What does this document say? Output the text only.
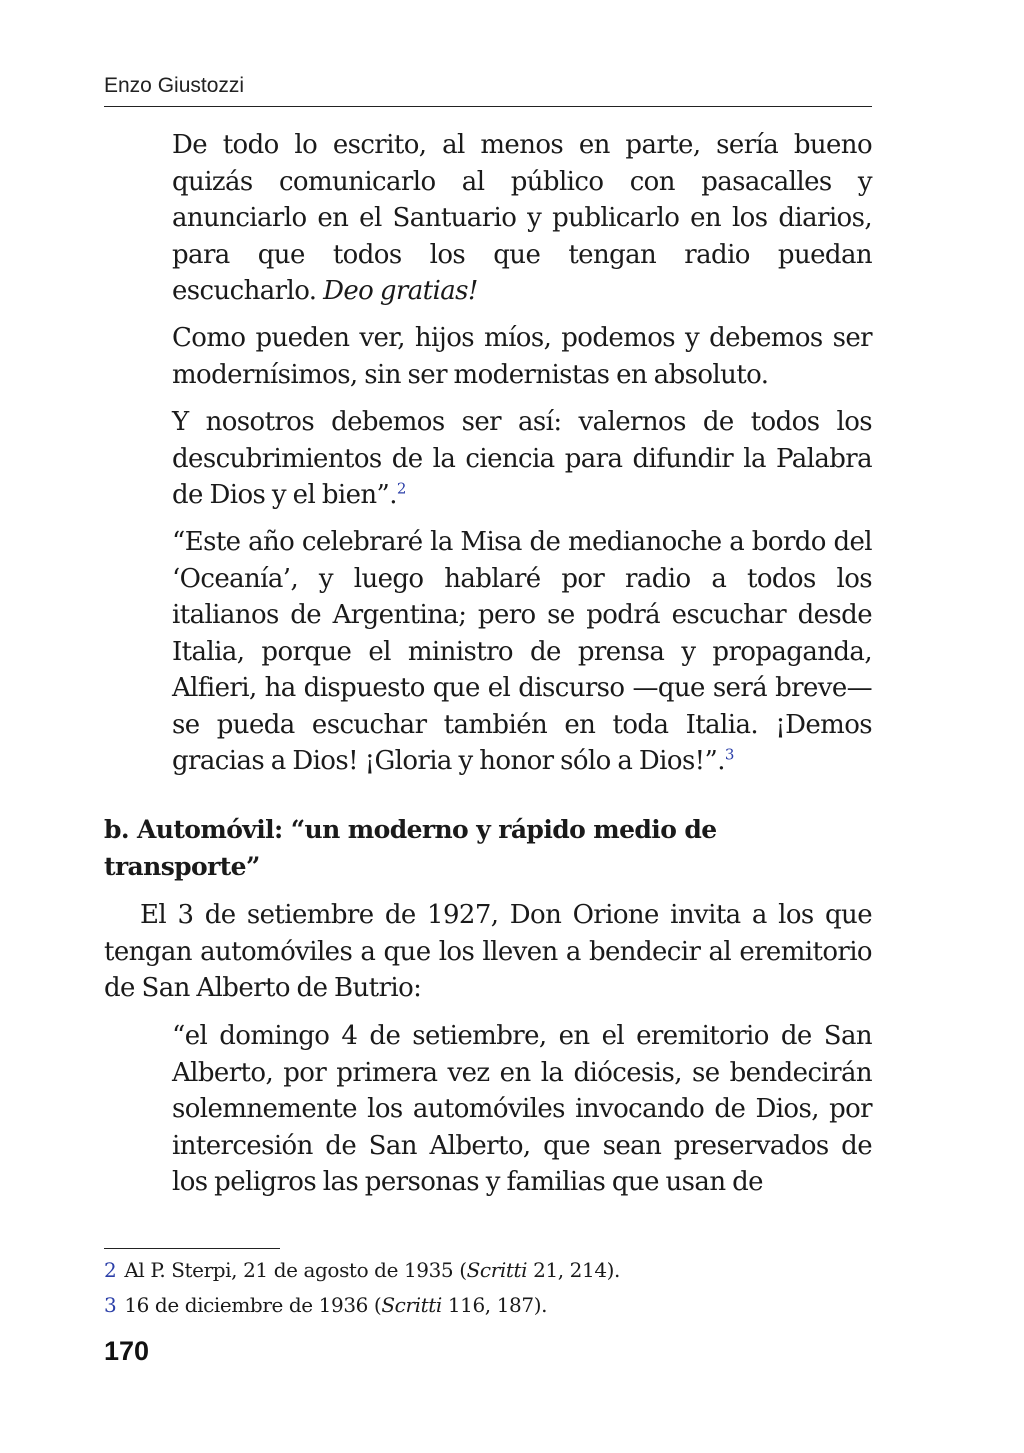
Enzo Giustozzi

De todo lo escrito, al menos en parte, sería bueno quizás comunicarlo al público con pasacalles y anunciarlo en el Santuario y publicarlo en los diarios, para que todos los que tengan radio puedan escucharlo. Deo gratias!

Como pueden ver, hijos míos, podemos y debemos ser modernísimos, sin ser modernistas en absoluto.

Y nosotros debemos ser así: valernos de todos los descubrimientos de la ciencia para difundir la Palabra de Dios y el bien”.$^2$

“Este año celebraré la Misa de medianoche a bordo del ‘Oceanía’, y luego hablaré por radio a todos los italianos de Argentina; pero se podrá escuchar desde Italia, porque el ministro de prensa y propaganda, Alfieri, ha dispuesto que el discurso —que será breve— se pueda escuchar también en toda Italia. ¡Demos gracias a Dios! ¡Gloria y honor sólo a Dios!”.$^3$

b. Automóvil: “un moderno y rápido medio de transporte”

El 3 de setiembre de 1927, Don Orione invita a los que tengan automóviles a que los lleven a bendecir al eremitorio de San Alberto de Butrio:

“el domingo 4 de setiembre, en el eremitorio de San Alberto, por primera vez en la diócesis, se bendecirán solemnemente los automóviles invocando de Dios, por intercesión de San Alberto, que sean preservados de los peligros las personas y familias que usan de

2 Al P. Sterpi, 21 de agosto de 1935 (Scritti 21, 214).

3 16 de diciembre de 1936 (Scritti 116, 187).

170
